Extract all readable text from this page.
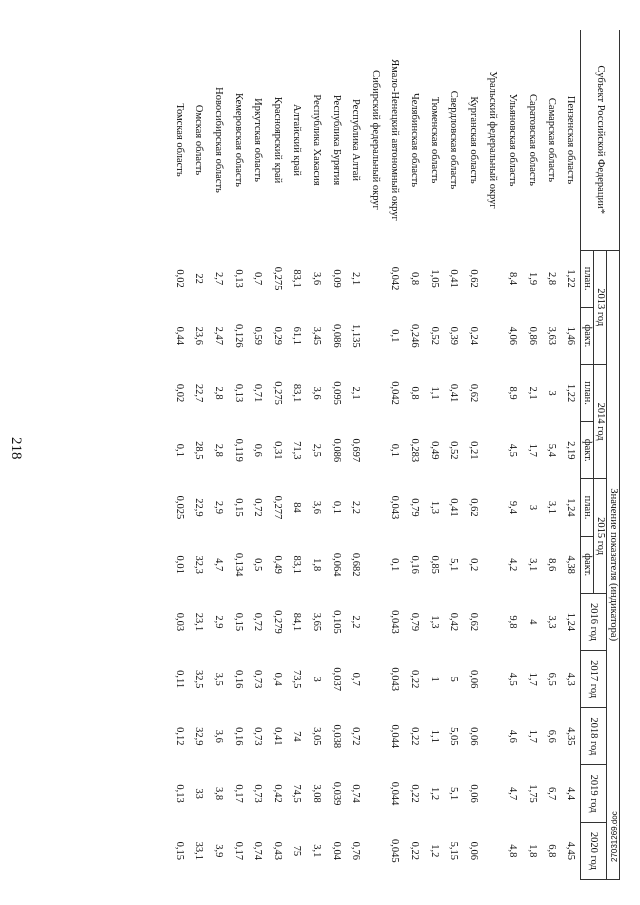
218
Субъект Российской Федерации*	Значение показателя (индикатора)										
	2013 год		2014 год		2015 год		2016 год	2017 год	2018 год	2019 год	2020 год
	план.	факт.	план.	факт.	план.	факт.					
Пензенская область	1,22	1,46	1,22	2,19	1,24	4,38	1,24	4,3	4,35	4,4	4,45
Самарская область	2,8	3,63	3	5,4	3,1	8,6	3,3	6,5	6,6	6,7	6,8
Саратовская область	1,9	0,86	2,1	1,7	3	3,1	4	1,7	1,7	1,75	1,8
Ульяновская область	8,4	4,06	8,9	4,5	9,4	4,2	9,8	4,5	4,6	4,7	4,8
Уральский федеральный округ											
Курганская область	0,62	0,24	0,62	0,21	0,62	0,2	0,62	0,06	0,06	0,06	0,06
Свердловская область	0,41	0,39	0,41	0,52	0,41	5,1	0,42	5	5,05	5,1	5,15
Тюменская область	1,05	0,52	1,1	0,49	1,3	0,85	1,3	1	1,1	1,2	1,2
Челябинская область	0,8	0,246	0,8	0,283	0,79	0,16	0,79	0,22	0,22	0,22	0,22
Ямало-Ненецкий автономный округ	0,042	0,1	0,042	0,1	0,043	0,1	0,043	0,043	0,044	0,044	0,045
Сибирский федеральный округ											
Республика Алтай	2,1	1,135	2,1	0,697	2,2	0,682	2,2	0,7	0,72	0,74	0,76
Республика Бурятия	0,09	0,086	0,095	0,086	0,1	0,064	0,105	0,037	0,038	0,039	0,04
Республика Хакасия	3,6	3,45	3,6	2,5	3,6	1,8	3,65	3	3,05	3,08	3,1
Алтайский край	83,1	61,1	83,1	71,3	84	83,1	84,1	73,5	74	74,5	75
Красноярский край	0,275	0,29	0,275	0,31	0,277	0,49	0,279	0,4	0,41	0,42	0,43
Иркутская область	0,7	0,59	0,71	0,6	0,72	0,5	0,72	0,73	0,73	0,73	0,74
Кемеровская область	0,13	0,126	0,13	0,119	0,15	0,134	0,15	0,16	0,16	0,17	0,17
Новосибирская область	2,7	2,47	2,8	2,8	2,9	4,7	2,9	3,5	3,6	3,8	3,9
Омская область	22	23,6	22,7	28,5	22,9	32,3	23,1	32,5	32,9	33	33,1
Томская область	0,02	0,44	0,02	0,1	0,025	0,01	0,03	0,11	0,12	0,13	0,15	27031269.doc
